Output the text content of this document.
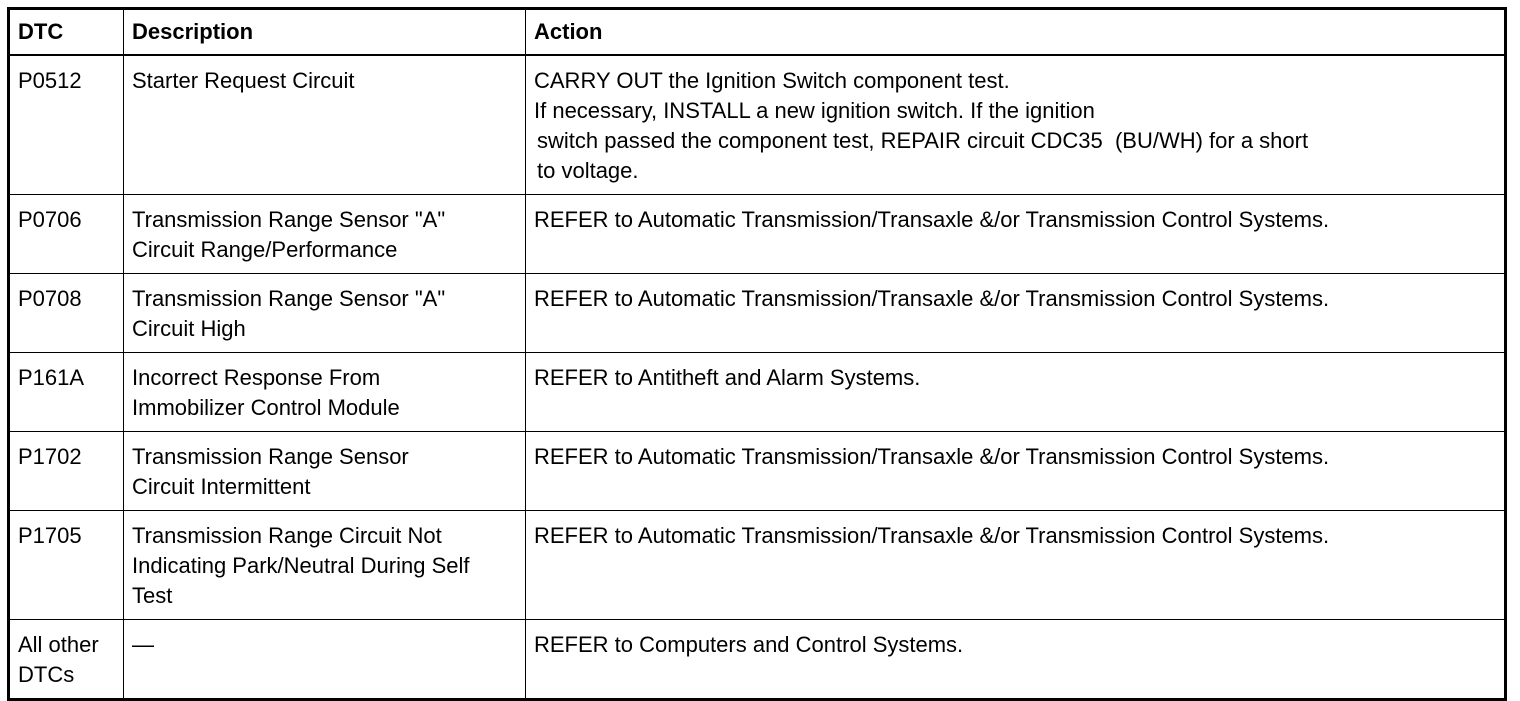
DTC	Description	Action
P0512	Starter Request Circuit	CARRY OUT the Ignition Switch component test.
If necessary, INSTALL a new ignition switch. If the ignition
switch passed the component test, REPAIR circuit CDC35  (BU/WH) for a short
to voltage.

P0706	Transmission Range Sensor "A"
Circuit Range/Performance	REFER to Automatic Transmission/Transaxle &/or Transmission Control Systems.

P0708	Transmission Range Sensor "A"
Circuit High	REFER to Automatic Transmission/Transaxle &/or Transmission Control Systems.

P161A	Incorrect Response From
Immobilizer Control Module	REFER to Antitheft and Alarm Systems.

P1702	Transmission Range Sensor
Circuit Intermittent	REFER to Automatic Transmission/Transaxle &/or Transmission Control Systems.

P1705	Transmission Range Circuit Not
Indicating Park/Neutral During Self
Test	REFER to Automatic Transmission/Transaxle &/or Transmission Control Systems.

All other
DTCs	—	REFER to Computers and Control Systems.
